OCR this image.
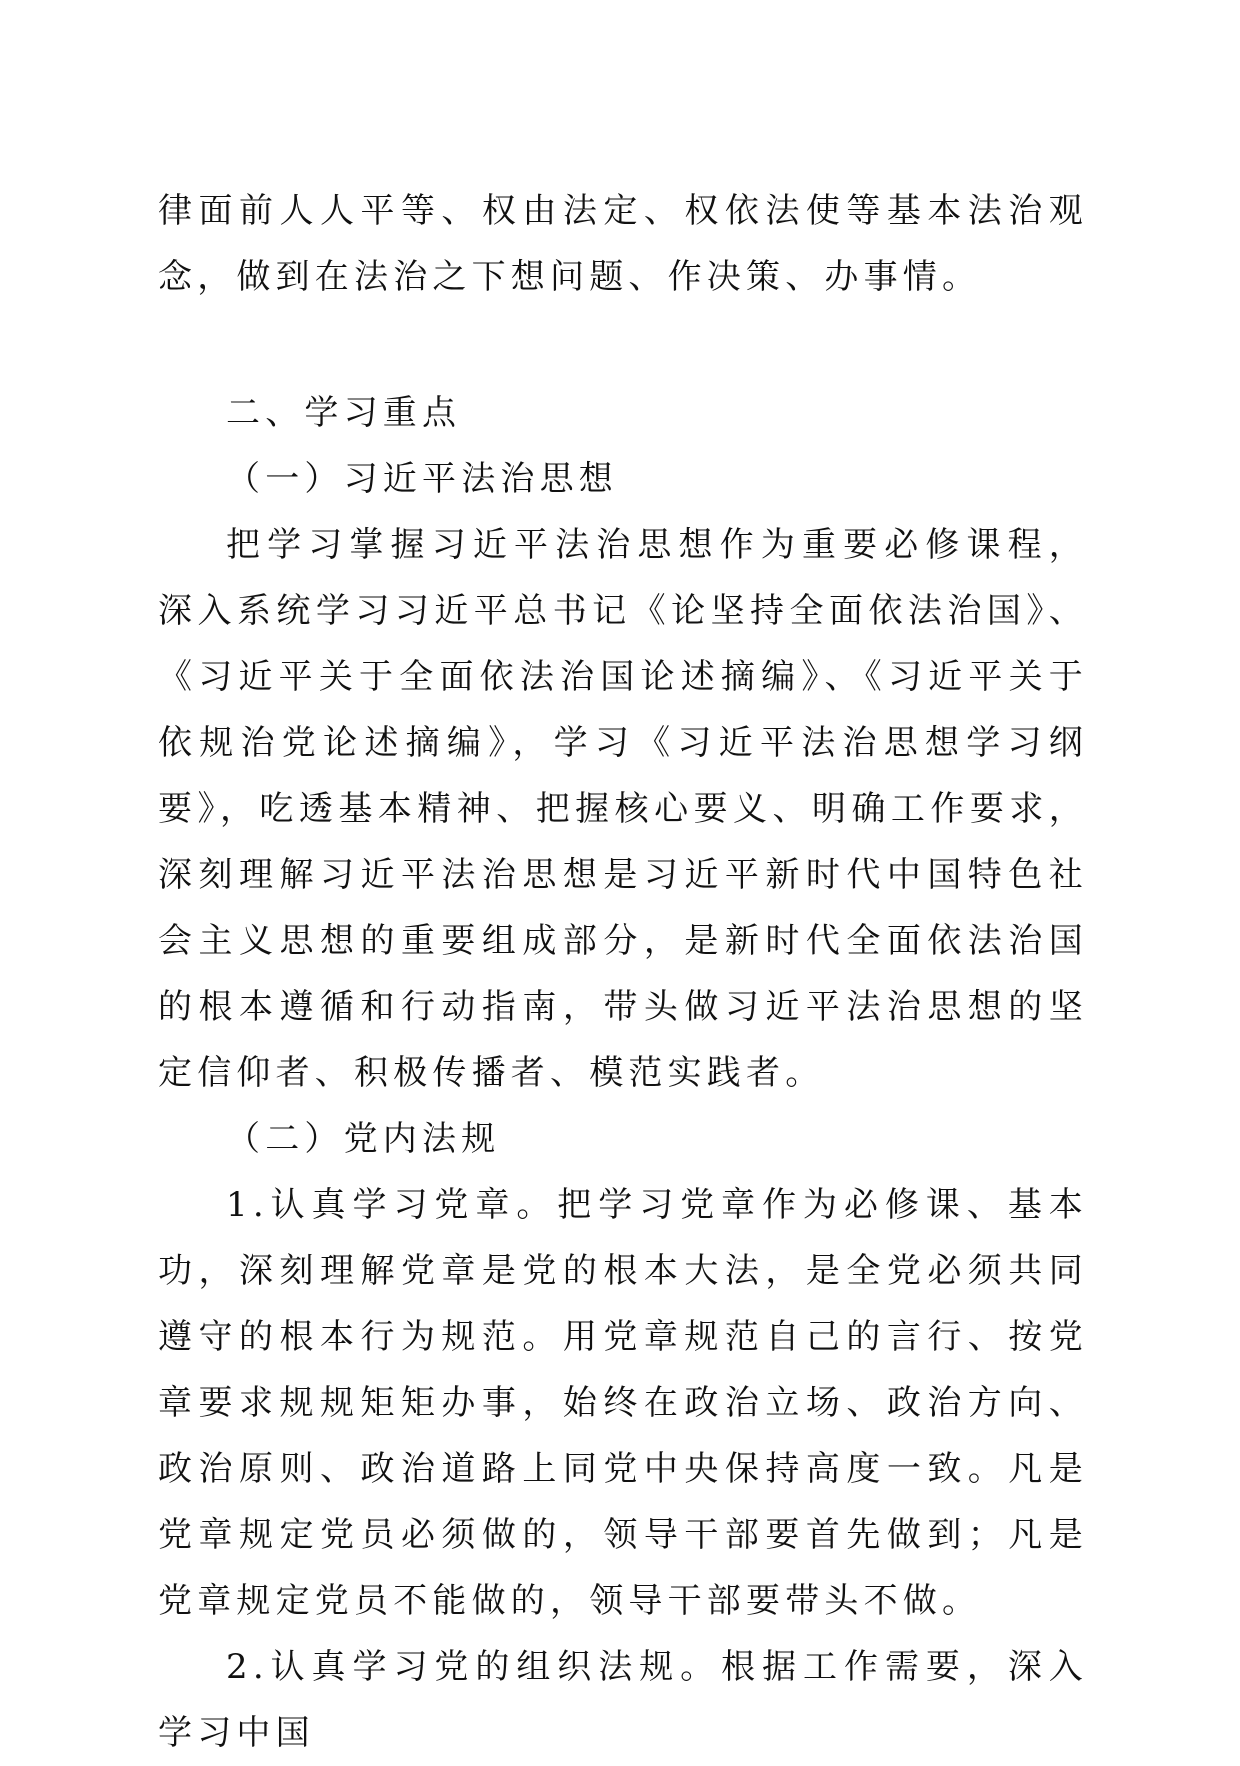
律面前人人平等、权由法定、权依法使等基本法治观念，做到在法治之下想问题、作决策、办事情。

二、学习重点

（一）习近平法治思想

把学习掌握习近平法治思想作为重要必修课程，深入系统学习习近平总书记《论坚持全面依法治国》、《习近平关于全面依法治国论述摘编》、《习近平关于依规治党论述摘编》，学习《习近平法治思想学习纲要》，吃透基本精神、把握核心要义、明确工作要求，深刻理解习近平法治思想是习近平新时代中国特色社会主义思想的重要组成部分，是新时代全面依法治国的根本遵循和行动指南，带头做习近平法治思想的坚定信仰者、积极传播者、模范实践者。

（二）党内法规

1.认真学习党章。把学习党章作为必修课、基本功，深刻理解党章是党的根本大法，是全党必须共同遵守的根本行为规范。用党章规范自己的言行、按党章要求规规矩矩办事，始终在政治立场、政治方向、政治原则、政治道路上同党中央保持高度一致。凡是党章规定党员必须做的，领导干部要首先做到；凡是党章规定党员不能做的，领导干部要带头不做。

2.认真学习党的组织法规。根据工作需要，深入学习中国
